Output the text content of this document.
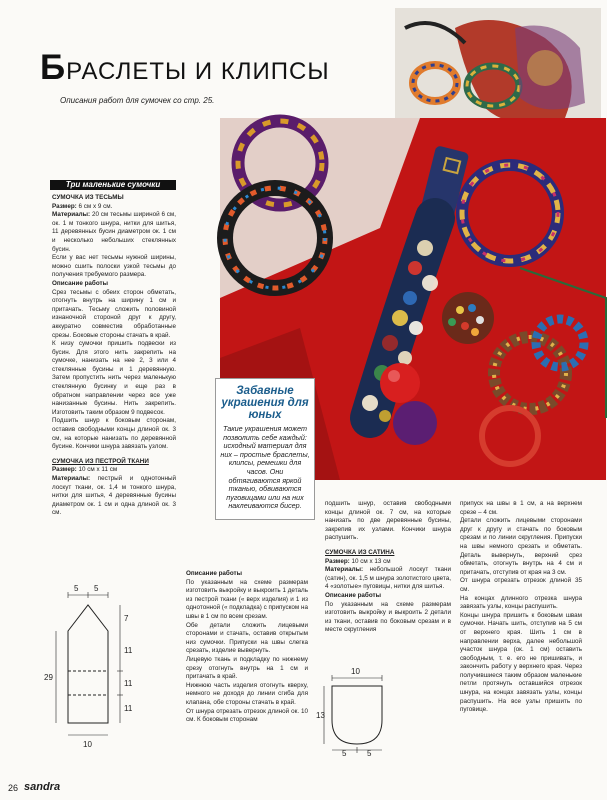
БРАСЛЕТЫ И КЛИПСЫ
Описания работ для сумочек со стр. 25.
Три маленькие сумочки

СУМОЧКА ИЗ ТЕСЬМЫ

Размер: 6 см х 9 см.

Материалы: 20 см тесьмы шириной 6 см, ок. 1 м тонкого шнура, нитки для шитья, 11 деревянных бусин диаметром ок. 1 см и несколько небольших стеклянных бусин.

Если у вас нет тесьмы нужной ширины, можно сшить полоски узкой тесьмы до получения требуемого размера.

Описание работы

Срез тесьмы с обеих сторон обметать, отогнуть внутрь на ширину 1 см и притачать. Тесьму сложить половиной изнаночной стороной друг к другу, аккуратно совместив обработанные срезы. Боковые стороны стачать в край.

К низу сумочки пришить подвески из бусин. Для этого нить закрепить на сумочке, нанизать на нее 2, 3 или 4 стеклянные бусины и 1 деревянную. Затем пропустить нить через маленькую стеклянную бусинку и еще раз в обратном направлении через все уже нанизанные бусины. Нить закрепить. Изготовить таким образом 9 подвесок.

Подшить шнур к боковым сторонам, оставив свободными концы длиной ок. 3 см, на которые нанизать по деревянной бусине. Кончики шнура завязать узлом.

СУМОЧКА ИЗ ПЕСТРОЙ ТКАНИ

Размер: 10 см х 11 см

Материалы: пестрый и однотонный лоскут ткани, ок. 1,4 м тонкого шнура, нитки для шитья, 4 деревянные бусины диаметром ок. 1 см и одна длиной ок. 3 см.

5 5
7
29
11
11
11
10
Забавные украшения для юных
Такие украшения может позволить себе каждый: исходный материал для них – простые браслеты, клипсы, ремешки для часов. Они обтягиваются яркой тканью, обвиваются пуговицами или на них наклеиваются бисер.

Описание работы

По указанным на схеме размерам изготовить выкройку и выкроить 1 деталь из пестрой ткани (« верх изделия) и 1 из однотонной (« подкладка) с припуском на швы в 1 см по всем срезам.

Обе детали сложить лицевыми сторонами и стачать, оставив открытым низ сумочки. Припуски на швы слегка срезать, изделие вывернуть.

Лицевую ткань и подкладку по нижнему срезу отогнуть внутрь на 1 см и притачать в край.

Нижнюю часть изделия отогнуть кверху, немного не доходя до линии сгиба для клапана, обе стороны стачать в край.

От шнура отрезать отрезок длиной ок. 10 см. К боковым сторонам

подшить шнур, оставив свободными концы длиной ок. 7 см, на которые нанизать по две деревянные бусины, закрепив их узлами. Кончики шнура распушить.

СУМОЧКА ИЗ САТИНА

Размер: 10 см х 13 см

Материалы: небольшой лоскут ткани (сатин), ок. 1,5 м шнура золотистого цвета, 4 «золотые» пуговицы, нитки для шитья.

Описание работы

По указанным на схеме размерам изготовить выкройку и выкроить 2 детали из ткани, оставив по боковым срезам и в месте скругления

10
13
5	5

припуск на швы в 1 см, а на верхнем срезе – 4 см.

Детали сложить лицевыми сторонами друг к другу и стачать по боковым срезам и по линии скругления. Припуски на швы немного срезать и обметать. Деталь вывернуть, верхний срез обметать, отогнуть внутрь на 4 см и притачать, отступив от края на 3 см.

От шнура отрезать отрезок длиной 35 см.

На концах длинного отрезка шнура завязать узлы, концы распушить.

Концы шнура пришить к боковым швам сумочки. Начать шить, отступив на 5 см от верхнего края. Шить 1 см в направлении верха, далее небольшой участок шнура (ок. 1 см) оставить свободным, т. е. его не пришивать, и закончить работу у верхнего края. Через получившиеся таким образом маленькие петли протянуть оставшийся отрезок шнура, на концах завязать узлы, концы распушить. На все узлы пришить по пуговице.

26 sandra
